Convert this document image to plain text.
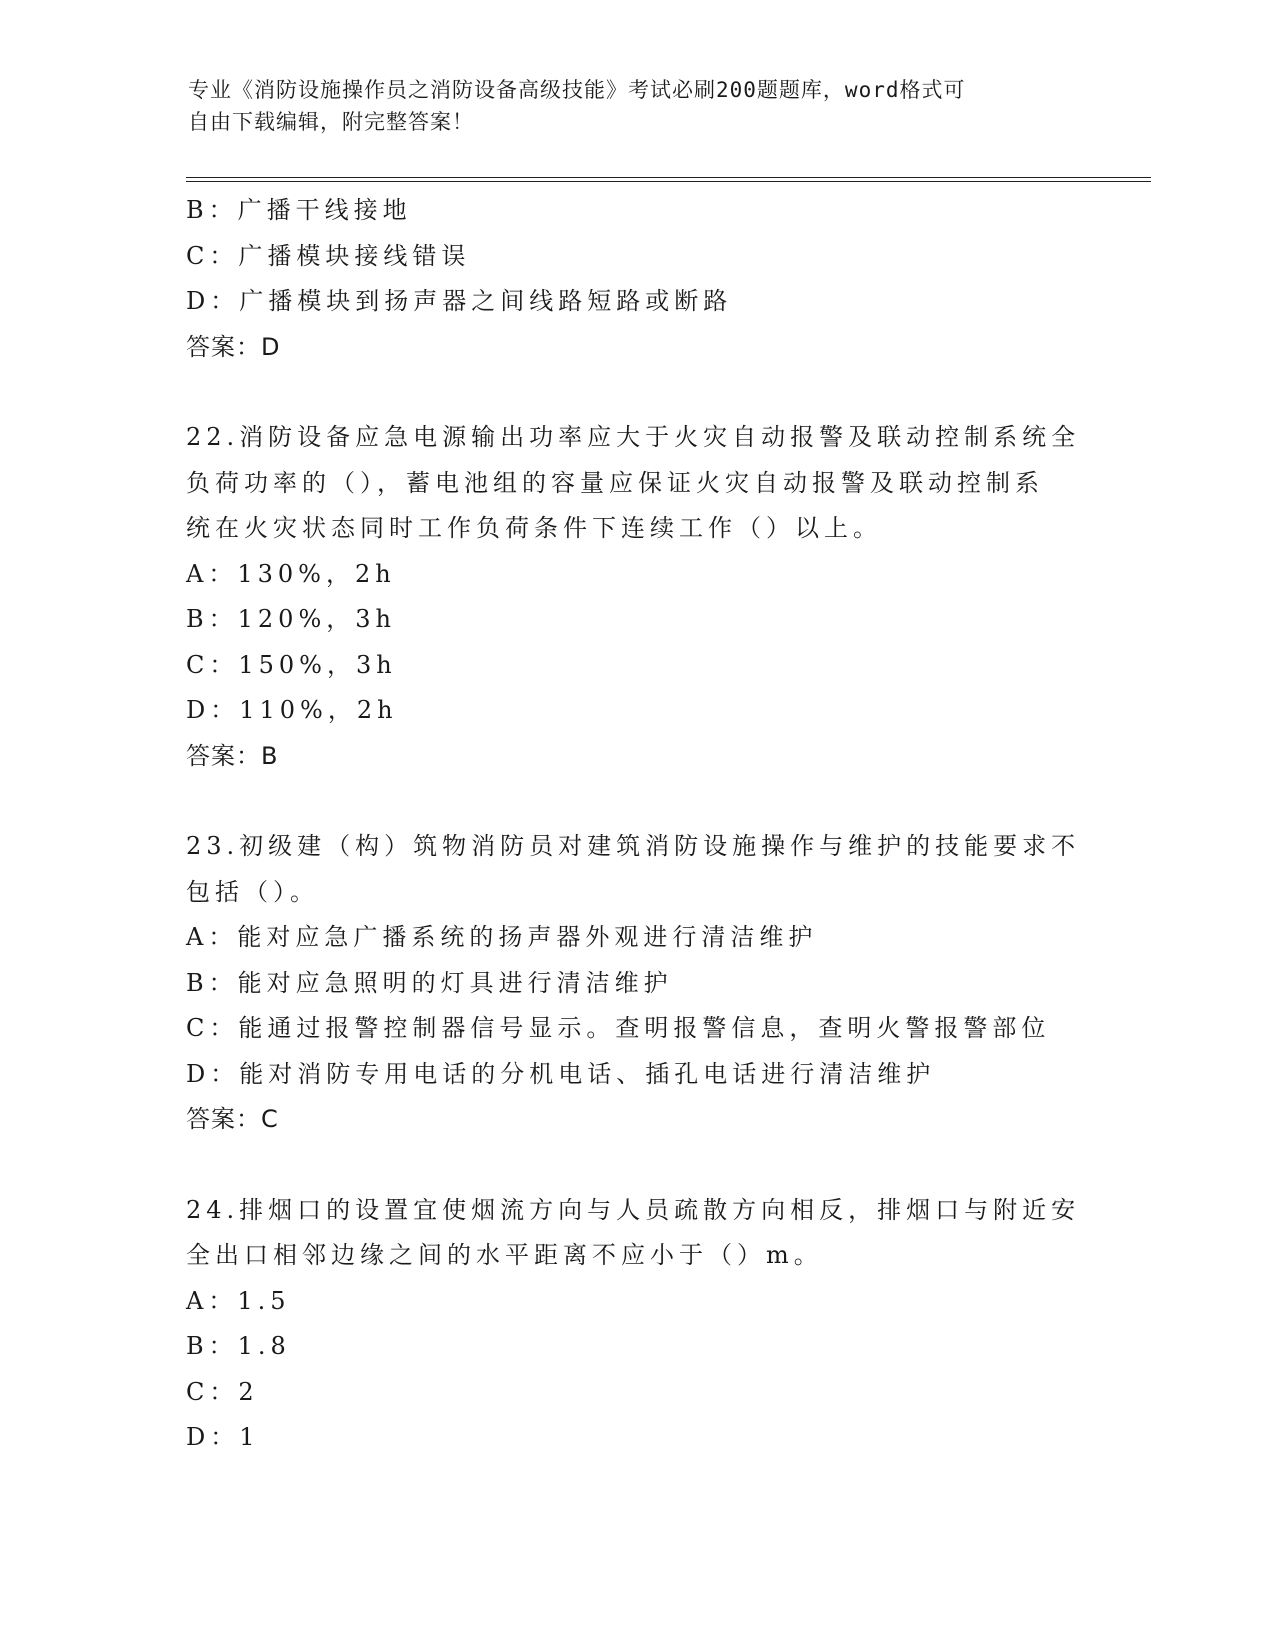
专业《消防设施操作员之消防设备高级技能》考试必刷200题题库，word格式可
自由下载编辑，附完整答案！
B：广播干线接地
C：广播模块接线错误
D：广播模块到扬声器之间线路短路或断路
答案：D
22.消防设备应急电源输出功率应大于火灾自动报警及联动控制系统全
负荷功率的（），蓄电池组的容量应保证火灾自动报警及联动控制系
统在火灾状态同时工作负荷条件下连续工作（）以上。
A：130%，2h
B：120%，3h
C：150%，3h
D：110%，2h
答案：B
23.初级建（构）筑物消防员对建筑消防设施操作与维护的技能要求不
包括（）。
A：能对应急广播系统的扬声器外观进行清洁维护
B：能对应急照明的灯具进行清洁维护
C：能通过报警控制器信号显示。查明报警信息，查明火警报警部位
D：能对消防专用电话的分机电话、插孔电话进行清洁维护
答案：C
24.排烟口的设置宜使烟流方向与人员疏散方向相反，排烟口与附近安
全出口相邻边缘之间的水平距离不应小于（）m。
A：1.5
B：1.8
C：2
D：1
